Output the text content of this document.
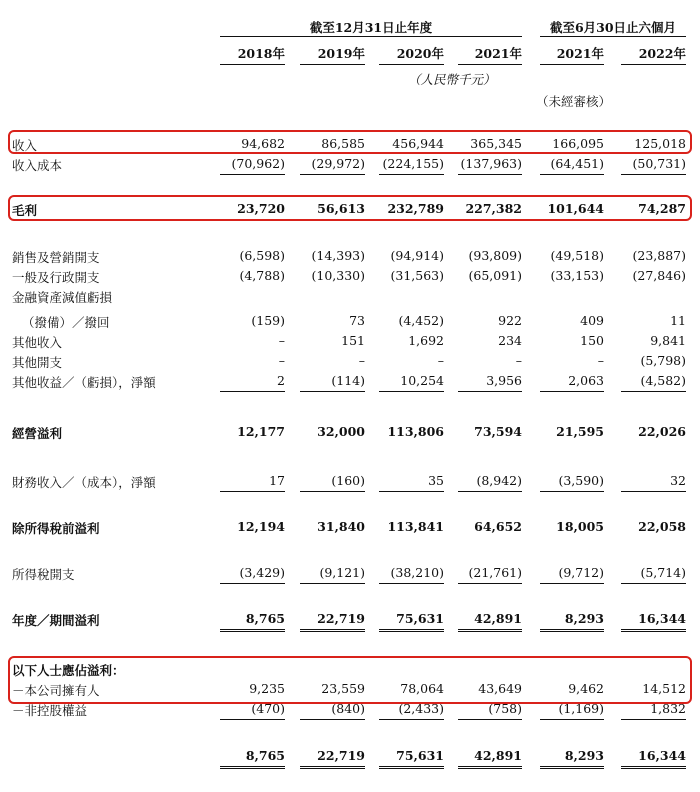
截至12月31日止年度	截至6月30日止六個月
2018年	2019年	2020年	2021年	2021年	2022年
（人民幣千元）
（未經審核）
收入	94,682	86,585	456,944	365,345	166,095	125,018
收入成本	(70,962)	(29,972) (224,155) (137,963)	(64,451)	(50,731)
毛利	23,720	56,613	232,789	227,382	101,644	74,287
銷售及營銷開支	(6,598)	(14,393)	(94,914)	(93,809)	(49,518)	(23,887)
一般及行政開支	(4,788)	(10,330)	(31,563)	(65,091)	(33,153)	(27,846)
金融資產減值虧損
（撥備）／撥回	(159)	73	(4,452)	922	409	11
其他收入	–	151	1,692	234	150	9,841
其他開支	–	–	–	–	–	(5,798)
其他收益／（虧損），淨額	2	(114)	10,254	3,956	2,063	(4,582)
經營溢利	12,177	32,000	113,806	73,594	21,595	22,026
財務收入／（成本），淨額	17	(160)	35	(8,942)	(3,590)	32
除所得稅前溢利	12,194	31,840	113,841	64,652	18,005	22,058
所得稅開支	(3,429)	(9,121)	(38,210)	(21,761)	(9,712)	(5,714)
年度／期間溢利	8,765	22,719	75,631	42,891	8,293	16,344
以下人士應佔溢利：
－本公司擁有人	9,235	23,559	78,064	43,649	9,462	14,512
－非控股權益	(470)	(840)	(2,433)	(758)	(1,169)	1,832
8,765	22,719	75,631	42,891	8,293	16,344
